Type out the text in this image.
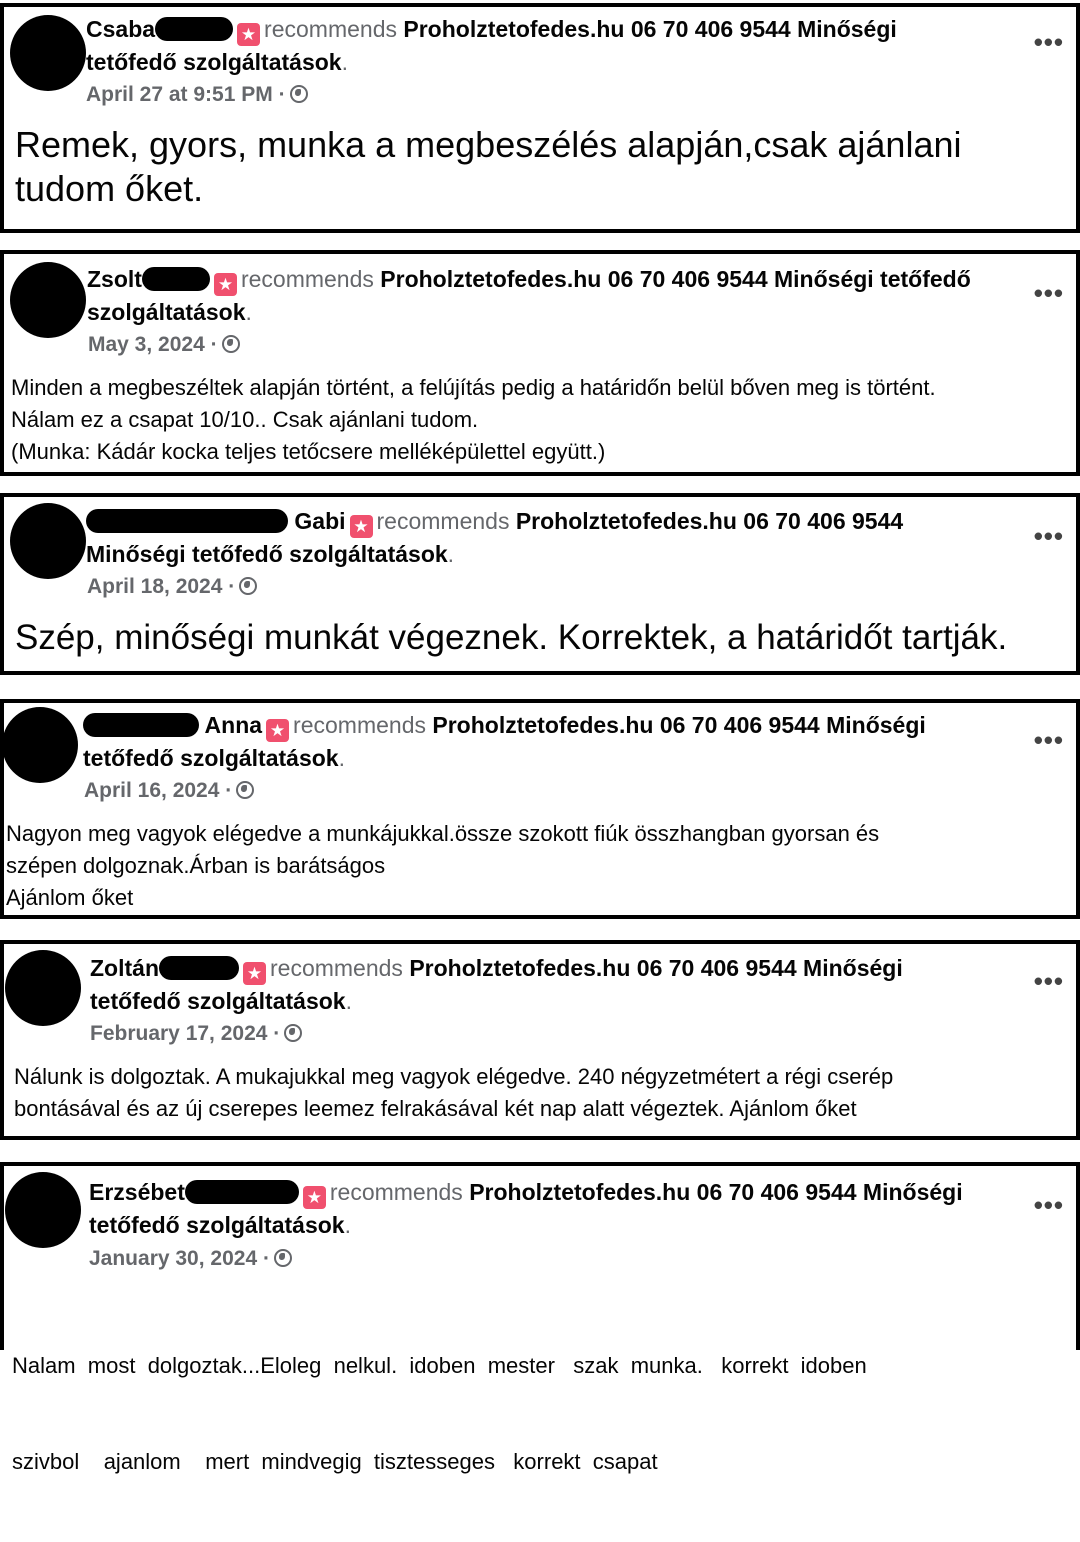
Csaba	★ recommends Proholztetofedes.hu 06 70 406 9544 Minőségi tetőfedő szolgáltatások.
April 27 at 9:51 PM ·
•••
Remek, gyors, munka a megbeszélés alapján,csak ajánlani
tudom őket.
Zsolt	★ recommends Proholztetofedes.hu 06 70 406 9544 Minőségi tetőfedő szolgáltatások.
May 3, 2024 ·
•••
Minden a megbeszéltek alapján történt, a felújítás pedig a határidőn belül bőven meg is történt.
Nálam ez a csapat 10/10.. Csak ajánlani tudom.
(Munka: Kádár kocka teljes tetőcsere melléképülettel együtt.)
Gabi ★ recommends Proholztetofedes.hu 06 70 406 9544 Minőségi tetőfedő szolgáltatások.
April 18, 2024 ·
•••
Szép, minőségi munkát végeznek. Korrektek, a határidőt tartják.
Anna ★ recommends Proholztetofedes.hu 06 70 406 9544 Minőségi tetőfedő szolgáltatások.
April 16, 2024 ·
•••
Nagyon meg vagyok elégedve a munkájukkal.össze szokott fiúk összhangban gyorsan és
szépen dolgoznak.Árban is barátságos
Ajánlom őket
Zoltán	★ recommends Proholztetofedes.hu 06 70 406 9544 Minőségi tetőfedő szolgáltatások.
February 17, 2024 ·
•••
Nálunk is dolgoztak. A mukajukkal meg vagyok elégedve. 240 négyzetmétert a régi cserép
bontásával és az új cserepes leemez felrakásával két nap alatt végeztek. Ajánlom őket
Erzsébet	★ recommends Proholztetofedes.hu 06 70 406 9544 Minőségi tetőfedő szolgáltatások.
January 30, 2024 ·
•••

Nalam  most  dolgoztak...Eloleg  nelkul.  idoben  mester   szak  munka.   korrekt  idoben

szivbol    ajanlom    mert  mindvegig  tisztesseges   korrekt  csapat
